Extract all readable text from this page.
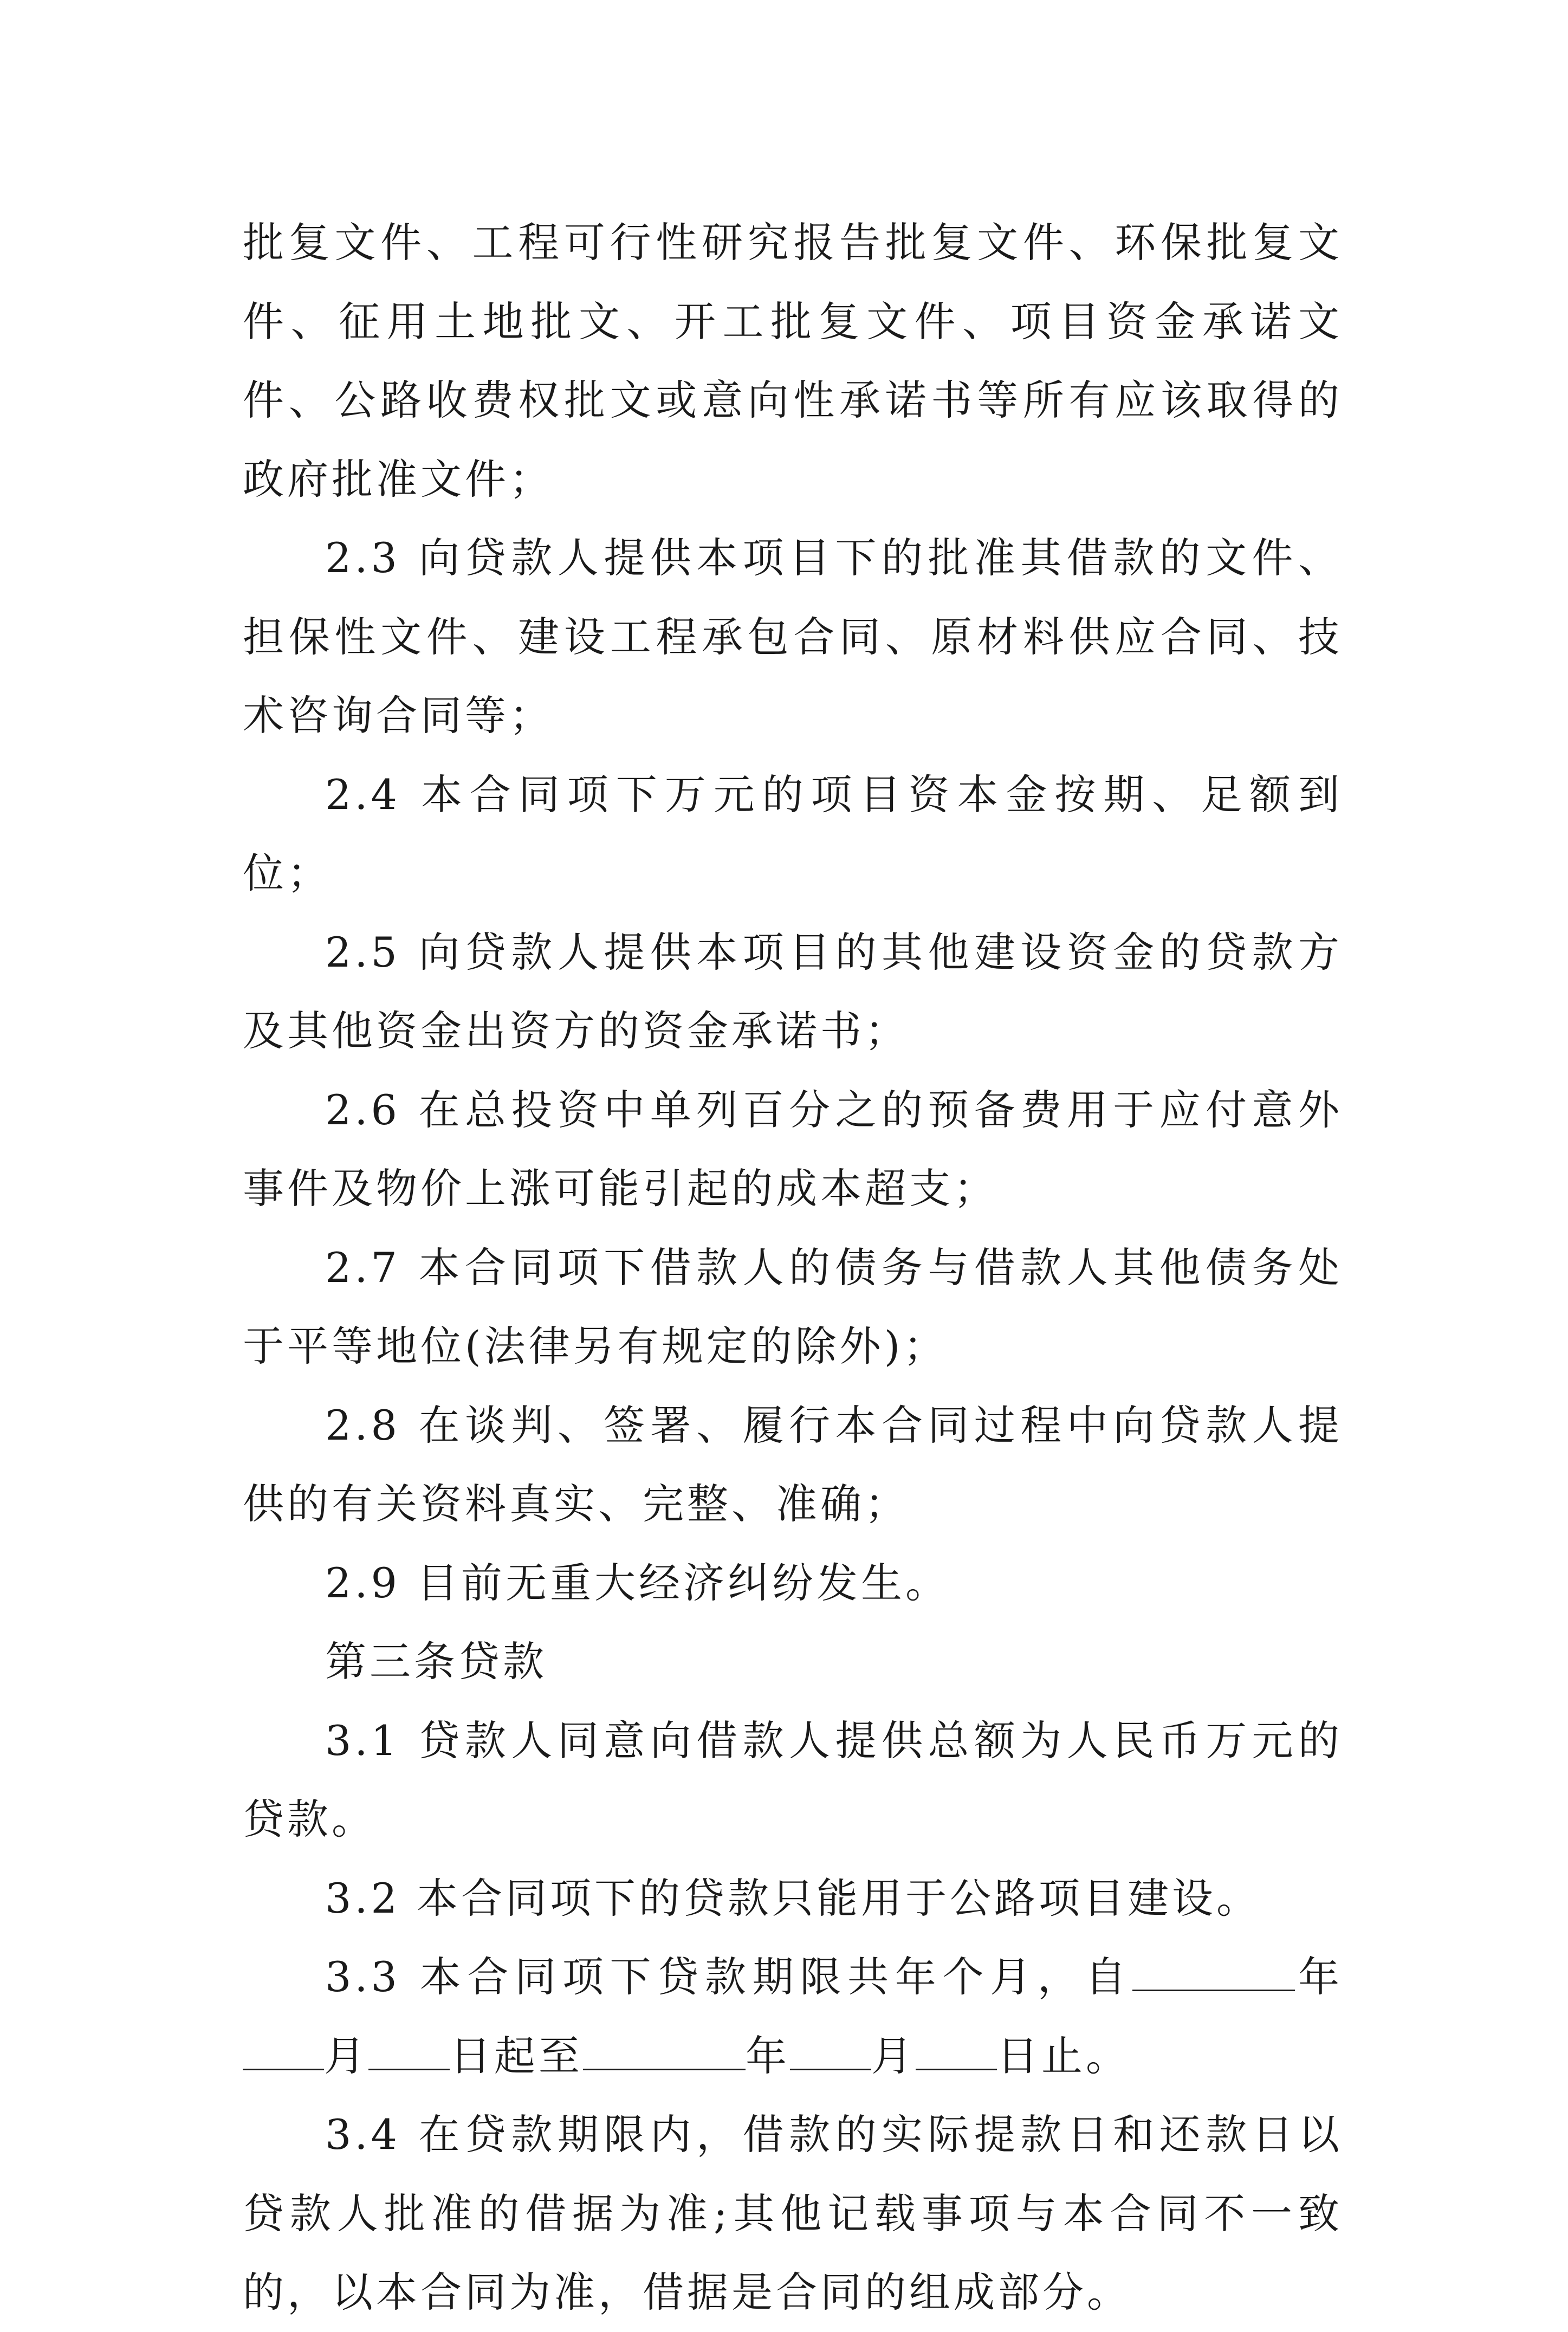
批复文件、工程可行性研究报告批复文件、环保批复文件、征用土地批文、开工批复文件、项目资金承诺文件、公路收费权批文或意向性承诺书等所有应该取得的政府批准文件；

2.3 向贷款人提供本项目下的批准其借款的文件、担保性文件、建设工程承包合同、原材料供应合同、技术咨询合同等；

2.4 本合同项下万元的项目资本金按期、足额到位；

2.5 向贷款人提供本项目的其他建设资金的贷款方及其他资金出资方的资金承诺书；

2.6 在总投资中单列百分之的预备费用于应付意外事件及物价上涨可能引起的成本超支；

2.7 本合同项下借款人的债务与借款人其他债务处于平等地位(法律另有规定的除外)；

2.8 在谈判、签署、履行本合同过程中向贷款人提供的有关资料真实、完整、准确；

2.9 目前无重大经济纠纷发生。

第三条贷款

3.1 贷款人同意向借款人提供总额为人民币万元的贷款。

3.2 本合同项下的贷款只能用于公路项目建设。

3.3 本合同项下贷款期限共年个月，自	年月 日起至	年 月 日止。

3.4 在贷款期限内，借款的实际提款日和还款日以贷款人批准的借据为准;其他记载事项与本合同不一致的，以本合同为准，借据是合同的组成部分。
